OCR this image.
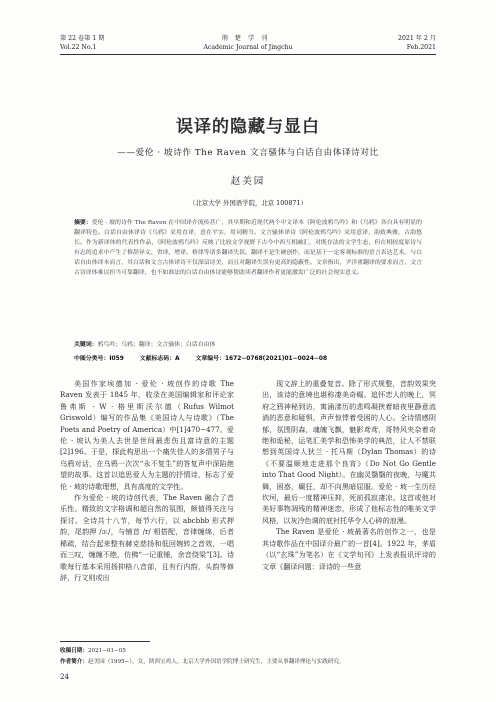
第 22 卷第 1 期
Vol.22 No.1
荆楚学刊
Academic Journal of Jingchu
2021 年 2 月
Feb.2021
误译的隐藏与显白
——爱伦 · 坡诗作 The Raven 文言骚体与白话自由体译诗对比
赵美园
（北京大学 外国语学院，北京 100871）
摘要：爱伦 · 坡的诗作 The Raven 在中国译介流传甚广，其早期和近现代两个中文译本《阿伦波鸦鸟吟》和《乌鸦》各自具有明显的翻译特色。白话自由体译诗《乌鸦》采用直译，意在平实，用词精当。文言骚体译诗《阿伦波鸦鸟吟》采用意译，韵致典雅，古韵悠长。作为新译体的代表性作品，《阿伦波鸦鸟吟》反映了比较文学视野下古今中西互相融汇，对既存法的文学生态，但在相较度原诗与有志的追求中产生了修辞异文、省译、增译、格律等诸多翻译失误。翻译不是生硬创作，而是基于一定客观标准的语言表达艺术。与白话自由体译本而言，其白话和文言古体译诗不仅深谙诗美，而且对翻译失误有更高的隐蔽性。文章指出，尹洋重翻译的要求而言，文言古诗译体难以担当可靠翻译，也不如准法的白话自由体诗能够帮助读者翻译作者更能激发广泛的社会现实意义。
关键词：鸦鸟吟；乌鸦；翻译；文言骚体；白话自由体
中图分类号：I059	文献标志码：A	文章编号：1672−0768(2021)01−0024−08

美国作家埃德加 · 爱伦 · 坡创作的诗歌 The Raven 发表于 1845 年，收录在美国编辑家和评论家鲁弗斯 · W · 格里斯沃尔德（Rufus Wilmot Griswold）编写的作品集《美国诗人与诗歌》（The Poets and Poetry of America）中[1]470−477。爱伦 · 坡认为美人去世是世间最悲伤且富诗意的主题[2]196。于是，探此构思出一个痛失佳人的多情男子与乌鸦对话，在乌鸦一次次“永不复生”的答复声中深陷绝望的故事。这首以追思爱人为主题的抒情诗，标志了爱伦 · 坡的诗歌理想，具有高度的文学性。

作为爱伦 · 坡的诗创代表，The Raven 融合了音乐性、精致的文字格调和超自然的氛围，颇值得关注与探讨。全诗共十八节，每节六行，以 abcbbb 形式押韵，尾韵押 /ɔː/，与铺首 /r/ 相搭配，音律缠绵，后者稀疏，结合起来整有赫克慈扬和低回婉转之音效，一唱而三叹，缠缠不绝，仿佛“一记重锤，余音绕梁”[3]。诗歌每行基本采用扬抑格八音部，且有行内韵，头韵等修辞，行文则或出

现文辞上的重叠复音。除了形式规整，音韵效果突出，该诗的意境也堪称凄美奇崛。追怀恋人的晚上，冥府之鸦神秘到访，寓涌漾历的悲鸣凝挟着暗夜里静意流淌的恶意和疑惧，声声惊悸着受困的人心。全诗情感阴郁，氛围阴森，魂魄飞飘，魅影鸢鸢，哥特风夹杂着奇绝和诡秘，运笔汇美学和恐怖美学的典范，让人不禁联想到英国诗人狄兰 · 托马斯（Dylan Thomas）的诗《不要温顺地走进那个良宵》（Do Not Go Gentle into That Good Night）。在幽灵翳翳的夜晚，与魔共舞，困惑，癫狂，却不向黑暗屈服。爱伦 · 坡一生历经坎坷，最后一度精神压抑，死前孤寂凄凉。这首或他对美好事物凋残的精神迷恋，形成了他标志性的唯美文学风格，以灰冷色调的底衬托华令人心碎的浪漫。

The Raven 是爱伦 · 坡最著名的创作之一，也是其诗歌作品在中国译介最广的一首[4]。1922 年，茅盾（以“玄珠”为笔名）在《文学旬刊》上发表报讯评诗的文章《翻译问题：译诗的一些意

收稿日期：2021−01−05
作者简介：赵美园（1995−），女，陕西宝鸡人，北京大学外国语学院博士研究生，主要从事翻译理论与实践研究。
24
